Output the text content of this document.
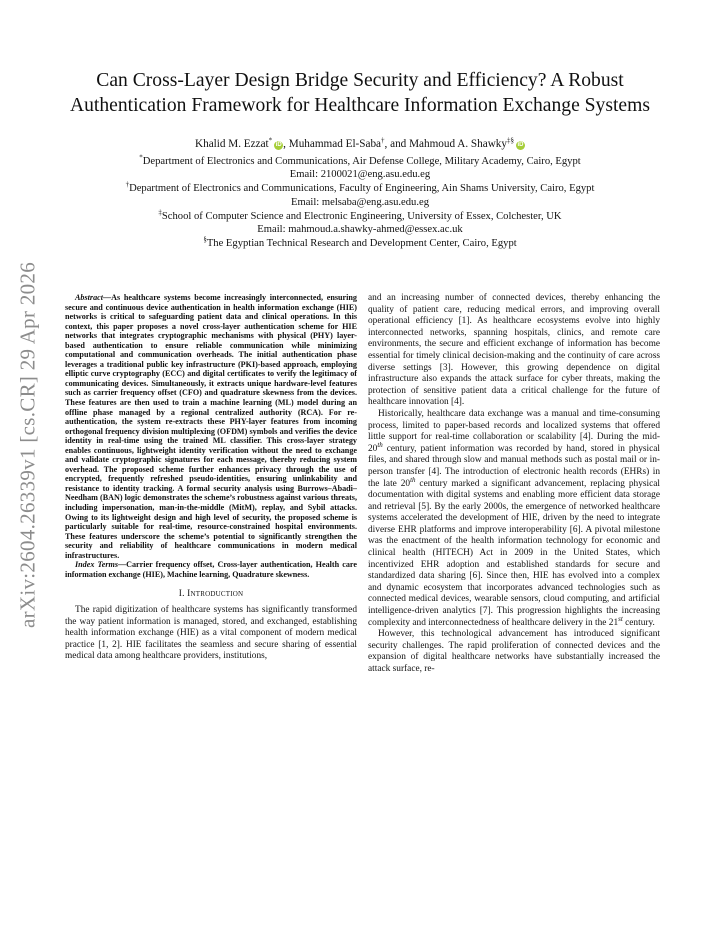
arXiv:2604.26339v1 [cs.CR] 29 Apr 2026
Can Cross-Layer Design Bridge Security and Efficiency? A Robust
Authentication Framework for Healthcare Information Exchange Systems
Khalid M. Ezzat*iD , Muhammad El-Saba†, and Mahmoud A. Shawky‡§iD
*Department of Electronics and Communications, Air Defense College, Military Academy, Cairo, Egypt
Email: 2100021@eng.asu.edu.eg
†Department of Electronics and Communications, Faculty of Engineering, Ain Shams University, Cairo, Egypt
Email: melsaba@eng.asu.edu.eg
‡School of Computer Science and Electronic Engineering, University of Essex, Colchester, UK
Email: mahmoud.a.shawky-ahmed@essex.ac.uk
§The Egyptian Technical Research and Development Center, Cairo, Egypt

Abstract—As healthcare systems become increasingly interconnected, ensuring secure and continuous device authentication in health information exchange (HIE) networks is critical to safeguarding patient data and clinical operations. In this context, this paper proposes a novel cross-layer authentication scheme for HIE networks that integrates cryptographic mechanisms with physical (PHY) layer-based authentication to ensure reliable communication while minimizing computational and communication overheads. The initial authentication phase leverages a traditional public key infrastructure (PKI)-based approach, employing elliptic curve cryptography (ECC) and digital certificates to verify the legitimacy of communicating devices. Simultaneously, it extracts unique hardware-level features such as carrier frequency offset (CFO) and quadrature skewness from the devices. These features are then used to train a machine learning (ML) model during an offline phase managed by a regional centralized authority (RCA). For re-authentication, the system re-extracts these PHY-layer features from incoming orthogonal frequency division multiplexing (OFDM) symbols and verifies the device identity in real-time using the trained ML classifier. This cross-layer strategy enables continuous, lightweight identity verification without the need to exchange and validate cryptographic signatures for each message, thereby reducing system overhead. The proposed scheme further enhances privacy through the use of encrypted, frequently refreshed pseudo-identities, ensuring unlinkability and resistance to identity tracking. A formal security analysis using Burrows–Abadi–Needham (BAN) logic demonstrates the scheme’s robustness against various threats, including impersonation, man-in-the-middle (MitM), replay, and Sybil attacks. Owing to its lightweight design and high level of security, the proposed scheme is particularly suitable for real-time, resource-constrained hospital environments. These features underscore the scheme’s potential to significantly strengthen the security and reliability of healthcare communications in modern medical infrastructures.

Index Terms—Carrier frequency offset, Cross-layer authentication, Health care information exchange (HIE), Machine learning, Quadrature skewness.

I. Introduction

The rapid digitization of healthcare systems has significantly transformed the way patient information is managed, stored, and exchanged, establishing health information exchange (HIE) as a vital component of modern medical practice [1, 2]. HIE facilitates the seamless and secure sharing of essential medical data among healthcare providers, institutions,

and an increasing number of connected devices, thereby enhancing the quality of patient care, reducing medical errors, and improving overall operational efficiency [1]. As healthcare ecosystems evolve into highly interconnected networks, spanning hospitals, clinics, and remote care environments, the secure and efficient exchange of information has become essential for timely clinical decision-making and the continuity of care across diverse settings [3]. However, this growing dependence on digital infrastructure also expands the attack surface for cyber threats, making the protection of sensitive patient data a critical challenge for the future of healthcare innovation [4].

Historically, healthcare data exchange was a manual and time-consuming process, limited to paper-based records and localized systems that offered little support for real-time collaboration or scalability [4]. During the mid-20th century, patient information was recorded by hand, stored in physical files, and shared through slow and manual methods such as postal mail or in-person transfer [4]. The introduction of electronic health records (EHRs) in the late 20th century marked a significant advancement, replacing physical documentation with digital systems and enabling more efficient data storage and retrieval [5]. By the early 2000s, the emergence of networked healthcare systems accelerated the development of HIE, driven by the need to integrate diverse EHR platforms and improve interoperability [6]. A pivotal milestone was the enactment of the health information technology for economic and clinical health (HITECH) Act in 2009 in the United States, which incentivized EHR adoption and established standards for secure and standardized data sharing [6]. Since then, HIE has evolved into a complex and dynamic ecosystem that incorporates advanced technologies such as connected medical devices, wearable sensors, cloud computing, and artificial intelligence-driven analytics [7]. This progression highlights the increasing complexity and interconnectedness of healthcare delivery in the 21st century.

However, this technological advancement has introduced significant security challenges. The rapid proliferation of connected devices and the expansion of digital healthcare networks have substantially increased the attack surface, re-
